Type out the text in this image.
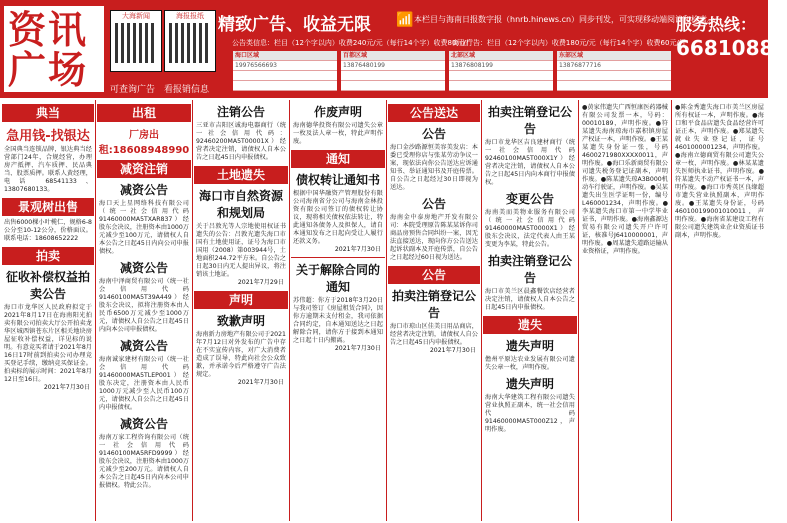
资讯
广场
大海新闻	海报报纸
可查询广告 看报销信息
精致广告、收益无限 📶 本栏目与海南日报数字报（hnrb.hinews.cn）同步刊发，可实现移动端阅读和检索。
公告类信息：栏目（12个字以内）收费240元/元（每行14个字）收费80元/行
商业广告：栏目（12个字以内）收费180元/元（每行14个字）收费60元/行
海口区域
19976566693
百都区域
13876480199
北部区域
13876808199
东部区域
13876877716
服务热线：
66810888
典当
急用钱-找银达
全国典当连锁品牌，银达典当经营部门24年，合规经营，办理房产抵押、汽车质押、民品典当、股票质押。联系人黄经理，电话 68541133、13807680133。
景观树出售
出售6000棵小叶榄仁，规格6-8公分至10-12公分，价格面议。联系电话：18608652222
拍卖
征收补偿权益拍卖公告
海口市龙华区人民政府拟定于2021年8月17日在海南阳光拍卖有限公司拍卖大厅公开拍卖龙华区城西镇苍东片区相关地块房屋征收补偿权益，详见标的说明。有意竞买者请于2021年8月16日17时前到拍卖公司办理竞买登记手续，缴纳竞买保证金。拍卖标的展示时间：2021年8月12日至16日。
2021年7月30日
出租
厂房出租:18608948990
减资注销
减资公告
海口天上星网络科技有限公司（统一社会信用代码 91460000MA5TXAR837）经股东会决议，注册资本由1000万元减少至100万元，请债权人自本公告之日起45日内向公司申报债权。
减资公告
海南中泽商贸有限公司（统一社会信用代码91460100MA5T39A449）经股东会决议，拟将注册资本由人民币6500万元减少至1000万元，请债权人自公告之日起45日内向本公司申报债权。
减资公告
海南诚家建材有限公司（统一社会信用代码91460000MA5TLEP001）经股东决定，注册资本由人民币1000万元减少至人民币100万元，请债权人自公告之日起45日内申报债权。
减资公告
海南万家工程咨询有限公司（统一社会信用代码91460100MA5RFD9999）经股东会决议，注册资本由1000万元减少至200万元。请债权人自本公告之日起45日内向本公司申报债权。特此公告。
注销公告
三亚市吉阳区诚海电器商行（统一社会信用代码：92460200MA5T00001X）经营者决定注销，请债权人自本公告之日起45日内申报债权。
土地遗失
海口市自然资源和规划局
关于吕敦光等人宗地使用权证书遗失的公告：吕敦光遗失海口市国有土地使用证，证号为海口市国用（2008）第003944号，土地面积244.72平方米。自公告之日起30日内无人提出异议，将注销该土地证。
2021年7月29日
声明
致歉声明
海南新力房地产有限公司于2021年7月12日对外发布的广告中存在不实宣传内容，对广大消费者造成了误导，特此向社会公众致歉，并承诺今后严格遵守广告法规定。
2021年7月30日
作废声明
海南德华投资有限公司遗失公章一枚及法人章一枚，特此声明作废。
通知
债权转让通知书
根据中国华融资产管理股份有限公司海南省分公司与海南金林投资有限公司签订的债权转让协议，现将相关债权依法转让，特此通知各债务人及担保人，请自本通知发布之日起向受让人履行还款义务。
2021年7月30日
关于解除合同的通知
苏伟超：你方于2018年3月20日与我司签订《房屋租赁合同》，因你方逾期未支付租金，我司依据合同约定，自本通知送达之日起解除合同，请你方于接到本通知之日起十日内搬离。
2021年7月30日
公告送达
公告
海口金沙路源恒美容美发店：本委已受理你店与张某劳动争议一案，现依法向你公告送达应诉通知书、举证通知书及开庭传票。自公告之日起经过30日即视为送达。
公告
海南金中泰房地产开发有限公司：本院受理原告陈某某诉你司商品房预售合同纠纷一案，因无法直接送达，现向你方公告送达起诉状副本及开庭传票，自公告之日起经过60日视为送达。
公告
拍卖注销登记公告
海口市琼山区佳美日用品商店，经营者决定注销，请债权人自公告之日起45日内申报债权。
2021年7月30日
拍卖注销登记公告
海口市龙华区吉良建材商行（统一社会信用代码92460100MA5T000X1Y）经营者决定注销，请债权人自本公告之日起45日内向本商行申报债权。
变更公告
海南美而美物业服务有限公司（统一社会信用代码91460000MA5T0000X1）经股东会决议，法定代表人由王某变更为李某，特此公告。
拍卖注销登记公告
海口市美兰区晨鑫餐饮店经营者决定注销，请债权人自本公告之日起45日内申报债权。
遗失
遗失声明
儋州平原达农业发展有限公司遗失公章一枚，声明作废。
遗失声明
海南大华建筑工程有限公司遗失营业执照正副本，统一社会信用代码91460000MA5T000Z12，声明作废。
●黄家伟遗失广西恒康医药器械有限公司发票一本，号码：00010189，声明作废。●符某遗失海南琼海市嘉积镇房屋产权证一本，声明作废。●王某某遗失身份证一张，号码4600271980XXXX0011，声明作废。●海口乐新商贸有限公司遗失税务登记证副本，声明作废。●陈某遗失琼A3B000机动车行驶证，声明作废。●吴某遗失出生医学证明一份，编号L460001234，声明作废。●李某遗失海口市第一中学毕业证书，声明作废。●海南鑫源达贸易有限公司遗失开户许可证，核准号J6410000001，声明作废。●周某遗失道路运输从业资格证，声明作废。
●陈金秀遗失海口市美兰区房屋所有权证一本，声明作废。●海口和平食品店遗失食品经营许可证正本，声明作废。●郑某遗失就业失业登记证，证号4601000001234，声明作废。●海南立德商贸有限公司遗失公章一枚，声明作废。●林某某遗失医师执业证书，声明作废。●符某遗失不动产权证书一本，声明作废。●海口市秀英区良缘超市遗失营业执照副本，声明作废。●王某遗失身份证，号码460100199001010011，声明作废。●海南省某建设工程有限公司遗失建筑业企业资质证书副本，声明作废。
